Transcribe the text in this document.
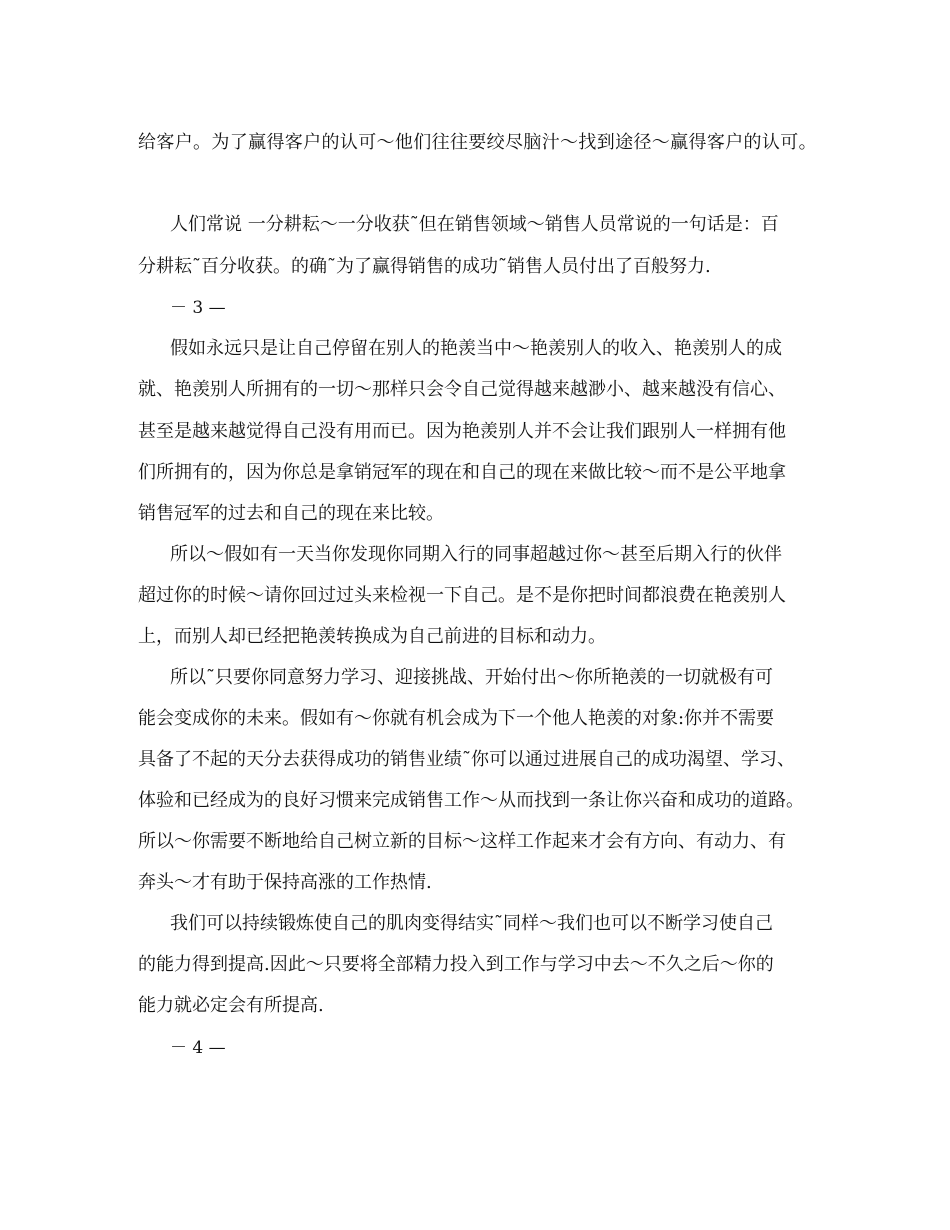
给客户。为了赢得客户的认可～他们往往要绞尽脑汁～找到途径～赢得客户的认可。

人们常说 一分耕耘～一分收获˜但在销售领域～销售人员常说的一句话是：百

分耕耘˜百分收获。的确˜为了赢得销售的成功˜销售人员付出了百般努力.

－ 3 —

假如永远只是让自己停留在别人的艳羡当中～艳羡别人的收入、艳羡别人的成

就、艳羡别人所拥有的一切～那样只会令自己觉得越来越渺小、越来越没有信心、

甚至是越来越觉得自己没有用而已。因为艳羡别人并不会让我们跟别人一样拥有他

们所拥有的，因为你总是拿销冠军的现在和自己的现在来做比较～而不是公平地拿

销售冠军的过去和自己的现在来比较。

所以～假如有一天当你发现你同期入行的同事超越过你～甚至后期入行的伙伴

超过你的时候～请你回过过头来检视一下自己。是不是你把时间都浪费在艳羡别人

上，而别人却已经把艳羡转换成为自己前进的目标和动力。

所以˜只要你同意努力学习、迎接挑战、开始付出～你所艳羡的一切就极有可

能会变成你的未来。假如有～你就有机会成为下一个他人艳羡的对象:你并不需要

具备了不起的天分去获得成功的销售业绩˜你可以通过进展自己的成功渴望、学习、

体验和已经成为的良好习惯来完成销售工作～从而找到一条让你兴奋和成功的道路。

所以～你需要不断地给自己树立新的目标～这样工作起来才会有方向、有动力、有

奔头～才有助于保持高涨的工作热情.

我们可以持续锻炼使自己的肌肉变得结实˜同样～我们也可以不断学习使自己

的能力得到提高.因此～只要将全部精力投入到工作与学习中去～不久之后～你的

能力就必定会有所提高.

－ 4 —
